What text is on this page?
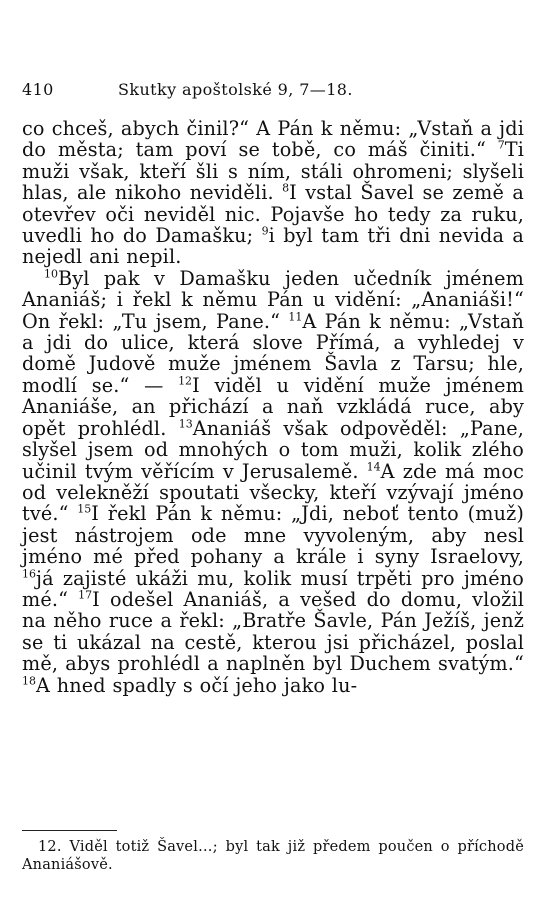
410	Skutky apoštolské 9, 7—18.

co chceš, abych činil?“ A Pán k němu: „Vstaň a jdi do města; tam poví se tobě, co máš činiti.“ $^7$Ti muži však, kteří šli s ním, stáli ohromeni; slyšeli hlas, ale nikoho neviděli. $^8$I vstal Šavel se země a otevřev oči neviděl nic. Pojavše ho tedy za ruku, uvedli ho do Damašku; $^9$i byl tam tři dni nevida a nejedl ani nepil.

$^{10}$Byl pak v Damašku jeden učedník jménem Ananiáš; i řekl k němu Pán u vidění: „Ananiáši!“ On řekl: „Tu jsem, Pane.“ $^{11}$A Pán k němu: „Vstaň a jdi do ulice, která slove Přímá, a vyhledej v domě Judově muže jménem Šavla z Tarsu; hle, modlí se.“ — $^{12}$I viděl u vidění muže jménem Ananiáše, an přichází a naň vzkládá ruce, aby opět prohlédl. $^{13}$Ananiáš však odpověděl: „Pane, slyšel jsem od mnohých o tom muži, kolik zlého učinil tvým věřícím v Jerusalemě. $^{14}$A zde má moc od velekněží spoutati všecky, kteří vzývají jméno tvé.“ $^{15}$I řekl Pán k němu: „Jdi, neboť tento (muž) jest nástrojem ode mne vyvoleným, aby nesl jméno mé před pohany a krále i syny Israelovy, $^{16}$já zajisté ukáži mu, kolik musí trpěti pro jméno mé.“ $^{17}$I odešel Ananiáš, a vešed do domu, vložil na něho ruce a řekl: „Bratře Šavle, Pán Ježíš, jenž se ti ukázal na cestě, kterou jsi přicházel, poslal mě, abys prohlédl a naplněn byl Duchem svatým.“ $^{18}$A hned spadly s očí jeho jako lu-

12. Viděl totiž Šavel…; byl tak již předem poučen o příchodě Ananiášově.
